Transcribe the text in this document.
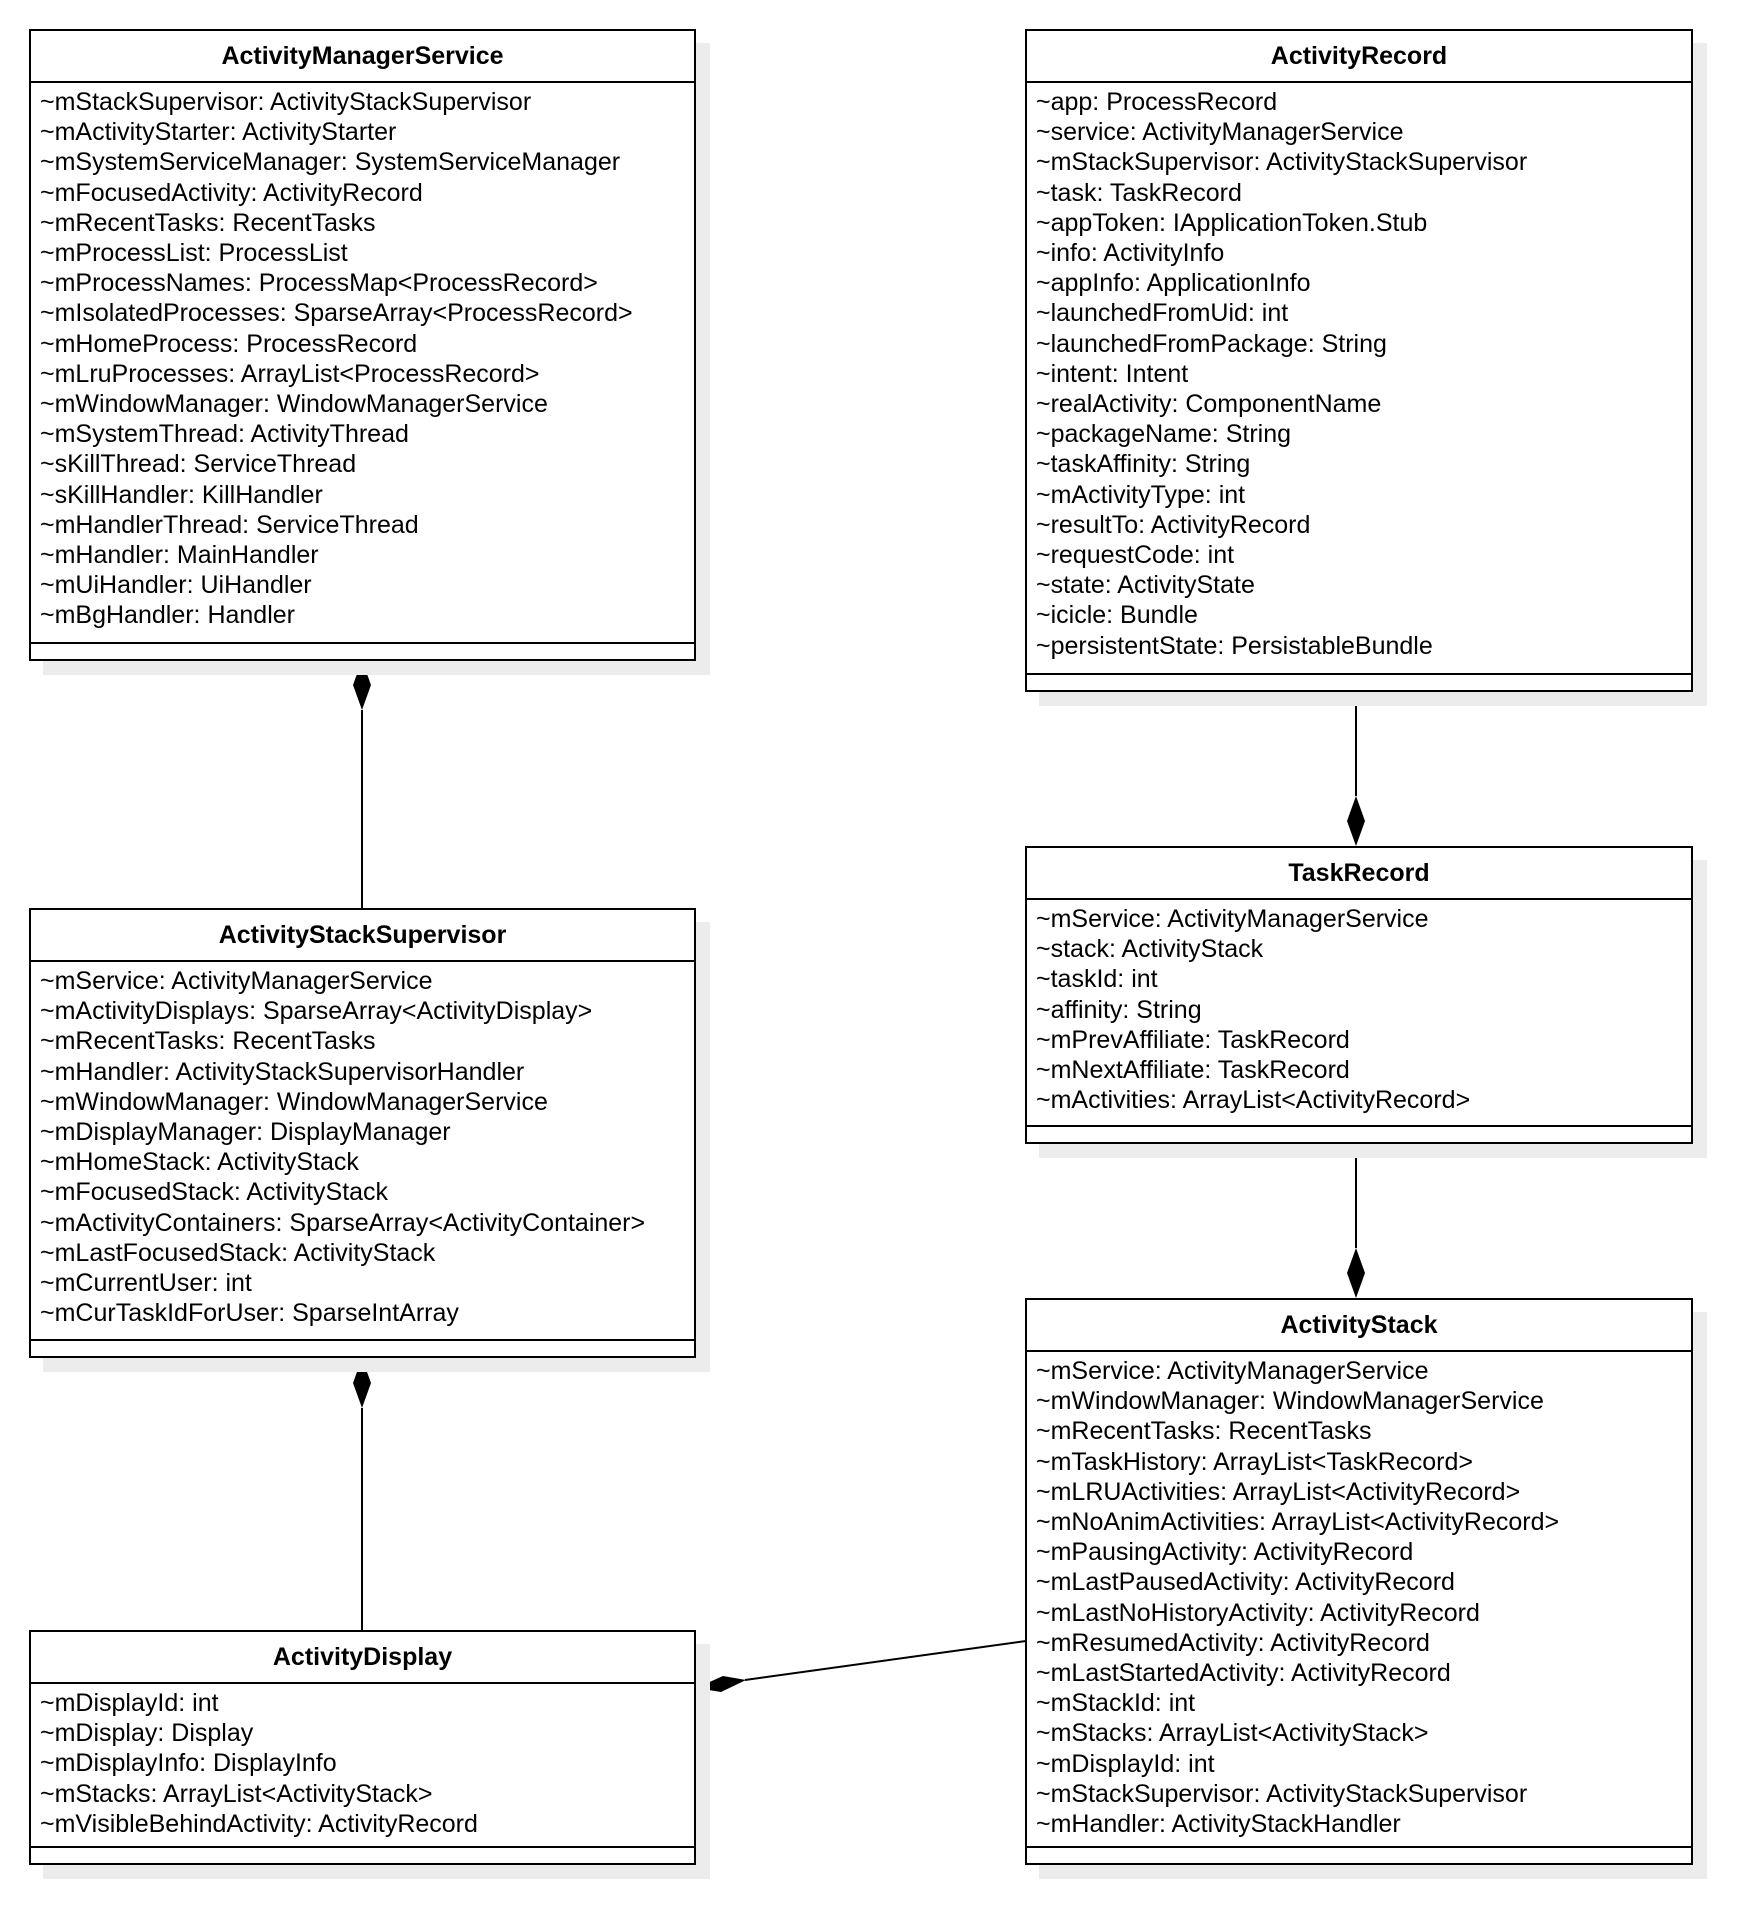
ActivityManagerService
~mStackSupervisor: ActivityStackSupervisor
~mActivityStarter: ActivityStarter
~mSystemServiceManager: SystemServiceManager
~mFocusedActivity: ActivityRecord
~mRecentTasks: RecentTasks
~mProcessList: ProcessList
~mProcessNames: ProcessMap<ProcessRecord>
~mIsolatedProcesses: SparseArray<ProcessRecord>
~mHomeProcess: ProcessRecord
~mLruProcesses: ArrayList<ProcessRecord>
~mWindowManager: WindowManagerService
~mSystemThread: ActivityThread
~sKillThread: ServiceThread
~sKillHandler: KillHandler
~mHandlerThread: ServiceThread
~mHandler: MainHandler
~mUiHandler: UiHandler
~mBgHandler: Handler
ActivityStackSupervisor
~mService: ActivityManagerService
~mActivityDisplays: SparseArray<ActivityDisplay>
~mRecentTasks: RecentTasks
~mHandler: ActivityStackSupervisorHandler
~mWindowManager: WindowManagerService
~mDisplayManager: DisplayManager
~mHomeStack: ActivityStack
~mFocusedStack: ActivityStack
~mActivityContainers: SparseArray<ActivityContainer>
~mLastFocusedStack: ActivityStack
~mCurrentUser: int
~mCurTaskIdForUser: SparseIntArray
ActivityDisplay
~mDisplayId: int
~mDisplay: Display
~mDisplayInfo: DisplayInfo
~mStacks: ArrayList<ActivityStack>
~mVisibleBehindActivity: ActivityRecord
ActivityRecord
~app: ProcessRecord
~service: ActivityManagerService
~mStackSupervisor: ActivityStackSupervisor
~task: TaskRecord
~appToken: IApplicationToken.Stub
~info: ActivityInfo
~appInfo: ApplicationInfo
~launchedFromUid: int
~launchedFromPackage: String
~intent: Intent
~realActivity: ComponentName
~packageName: String
~taskAffinity: String
~mActivityType: int
~resultTo: ActivityRecord
~requestCode: int
~state: ActivityState
~icicle: Bundle
~persistentState: PersistableBundle
TaskRecord
~mService: ActivityManagerService
~stack: ActivityStack
~taskId: int
~affinity: String
~mPrevAffiliate: TaskRecord
~mNextAffiliate: TaskRecord
~mActivities: ArrayList<ActivityRecord>
ActivityStack
~mService: ActivityManagerService
~mWindowManager: WindowManagerService
~mRecentTasks: RecentTasks
~mTaskHistory: ArrayList<TaskRecord>
~mLRUActivities: ArrayList<ActivityRecord>
~mNoAnimActivities: ArrayList<ActivityRecord>
~mPausingActivity: ActivityRecord
~mLastPausedActivity: ActivityRecord
~mLastNoHistoryActivity: ActivityRecord
~mResumedActivity: ActivityRecord
~mLastStartedActivity: ActivityRecord
~mStackId: int
~mStacks: ArrayList<ActivityStack>
~mDisplayId: int
~mStackSupervisor: ActivityStackSupervisor
~mHandler: ActivityStackHandler
